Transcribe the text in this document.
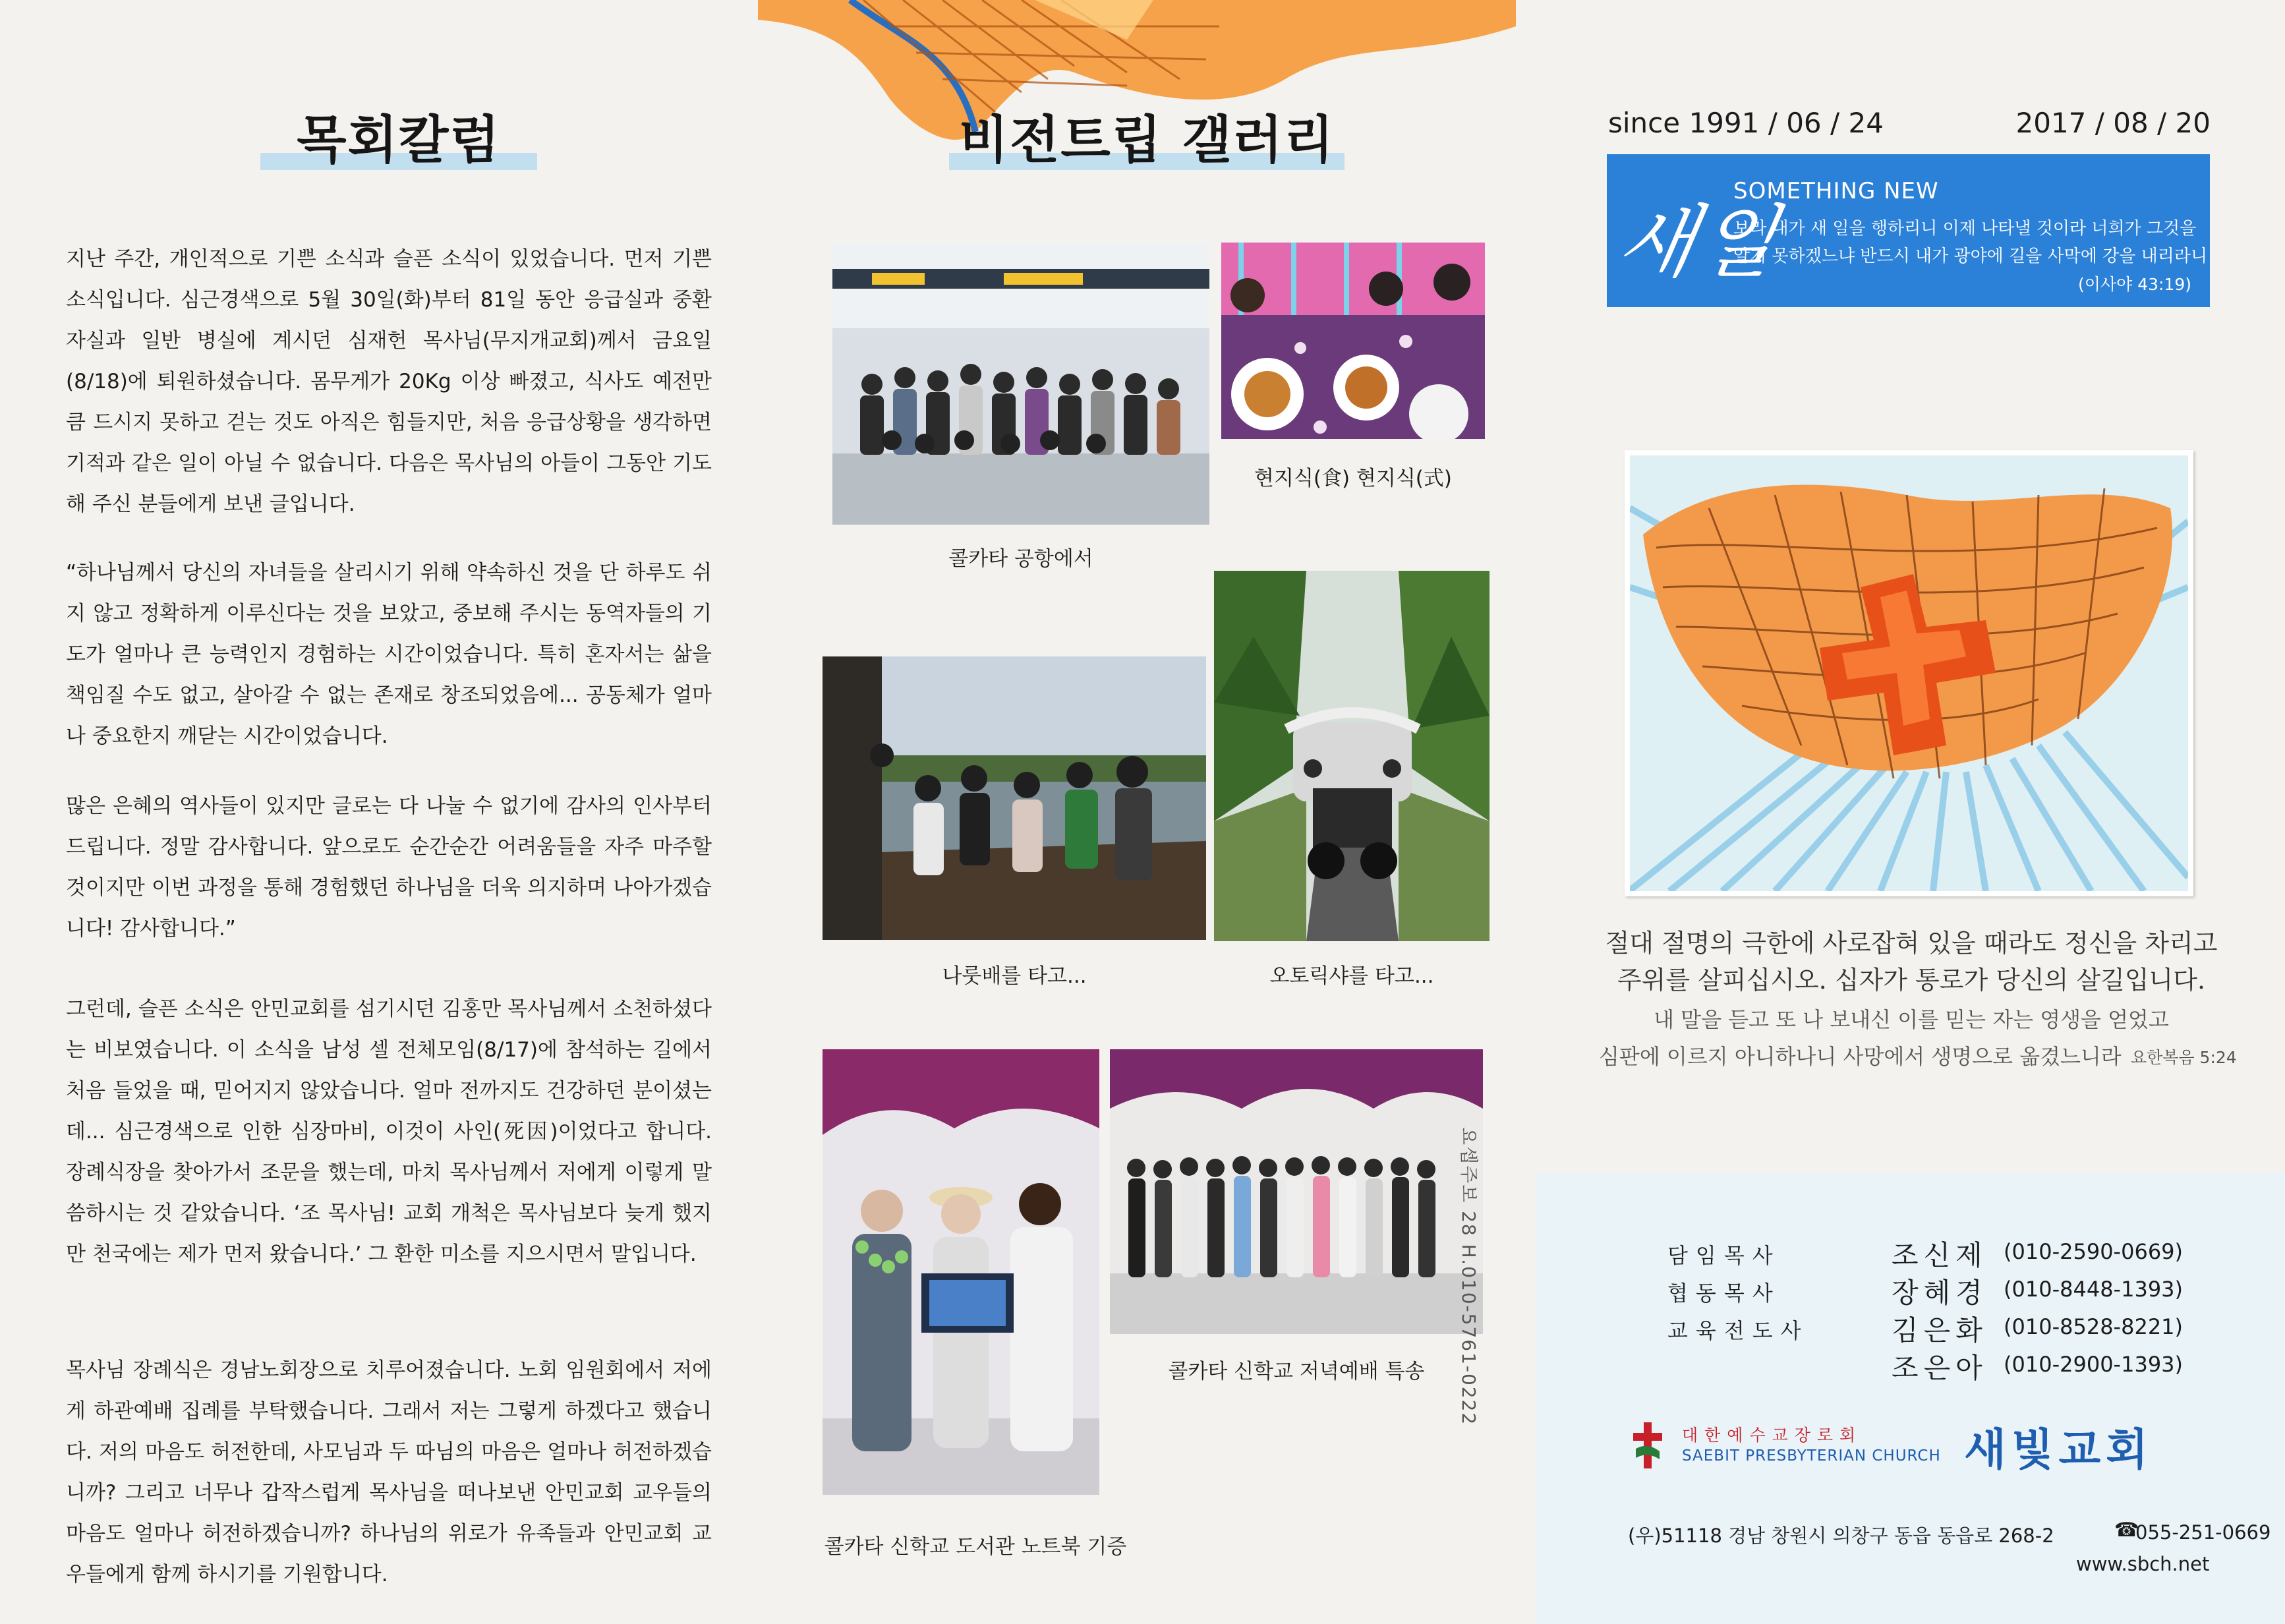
목회칼럼
지난 주간, 개인적으로 기쁜 소식과 슬픈 소식이 있었습니다. 먼저 기쁜 소식입니다. 심근경색으로 5월 30일(화)부터 81일 동안 응급실과 중환자실과 일반 병실에 계시던 심재헌 목사님(무지개교회)께서 금요일(8/18)에 퇴원하셨습니다. 몸무게가 20Kg 이상 빠졌고, 식사도 예전만큼 드시지 못하고 걷는 것도 아직은 힘들지만, 처음 응급상황을 생각하면 기적과 같은 일이 아닐 수 없습니다. 다음은 목사님의 아들이 그동안 기도해 주신 분들에게 보낸 글입니다.
“하나님께서 당신의 자녀들을 살리시기 위해 약속하신 것을 단 하루도 쉬지 않고 정확하게 이루신다는 것을 보았고, 중보해 주시는 동역자들의 기도가 얼마나 큰 능력인지 경험하는 시간이었습니다. 특히 혼자서는 삶을 책임질 수도 없고, 살아갈 수 없는 존재로 창조되었음에... 공동체가 얼마나 중요한지 깨닫는 시간이었습니다.
많은 은혜의 역사들이 있지만 글로는 다 나눌 수 없기에 감사의 인사부터 드립니다. 정말 감사합니다. 앞으로도 순간순간 어려움들을 자주 마주할 것이지만 이번 과정을 통해 경험했던 하나님을 더욱 의지하며 나아가겠습니다! 감사합니다.”
그런데, 슬픈 소식은 안민교회를 섬기시던 김홍만 목사님께서 소천하셨다는 비보였습니다. 이 소식을 남성 셀 전체모임(8/17)에 참석하는 길에서 처음 들었을 때, 믿어지지 않았습니다. 얼마 전까지도 건강하던 분이셨는데... 심근경색으로 인한 심장마비, 이것이 사인(死因)이었다고 합니다. 장례식장을 찾아가서 조문을 했는데, 마치 목사님께서 저에게 이렇게 말씀하시는 것 같았습니다. ‘조 목사님! 교회 개척은 목사님보다 늦게 했지만 천국에는 제가 먼저 왔습니다.’ 그 환한 미소를 지으시면서 말입니다.
목사님 장례식은 경남노회장으로 치루어졌습니다. 노회 임원회에서 저에게 하관예배 집례를 부탁했습니다. 그래서 저는 그렇게 하겠다고 했습니다. 저의 마음도 허전한데, 사모님과 두 따님의 마음은 얼마나 허전하겠습니까? 그리고 너무나 갑작스럽게 목사님을 떠나보낸 안민교회 교우들의 마음도 얼마나 허전하겠습니까? 하나님의 위로가 유족들과 안민교회 교우들에게 함께 하시기를 기원합니다.
비전트립 갤러리
현지식(食) 현지식(式)
콜카타 공항에서
나룻배를 타고...	오토릭샤를 타고...
콜카타 신학교 저녁예배 특송
콜카타 신학교 도서관 노트북 기증
요셉주보 28 H.010-5761-0222
since 1991 / 06 / 24	2017 / 08 / 20
새일
SOMETHING NEW
보라 내가 새 일을 행하리니 이제 나타낼 것이라 너희가 그것을
알지 못하겠느냐 반드시 내가 광야에 길을 사막에 강을 내리라니
(이사야 43:19)
절대 절명의 극한에 사로잡혀 있을 때라도 정신을 차리고
주위를 살피십시오. 십자가 통로가 당신의 살길입니다.
내 말을 듣고 또 나 보내신 이를 믿는 자는 영생을 얻었고
심판에 이르지 아니하나니 사망에서 생명으로 옮겼느니라 요한복음 5:24
담임목사	조신제 (010-2590-0669)
협동목사	장혜경 (010-8448-1393)
교육전도사	김은화 (010-8528-8221)
조은아 (010-2900-1393)
대한예수교장로회
SAEBIT PRESBYTERIAN CHURCH 새빛교회
(우)51118 경남 창원시 의창구 동읍 동읍로 268-2	☎
055-251-0669
www.sbch.net
